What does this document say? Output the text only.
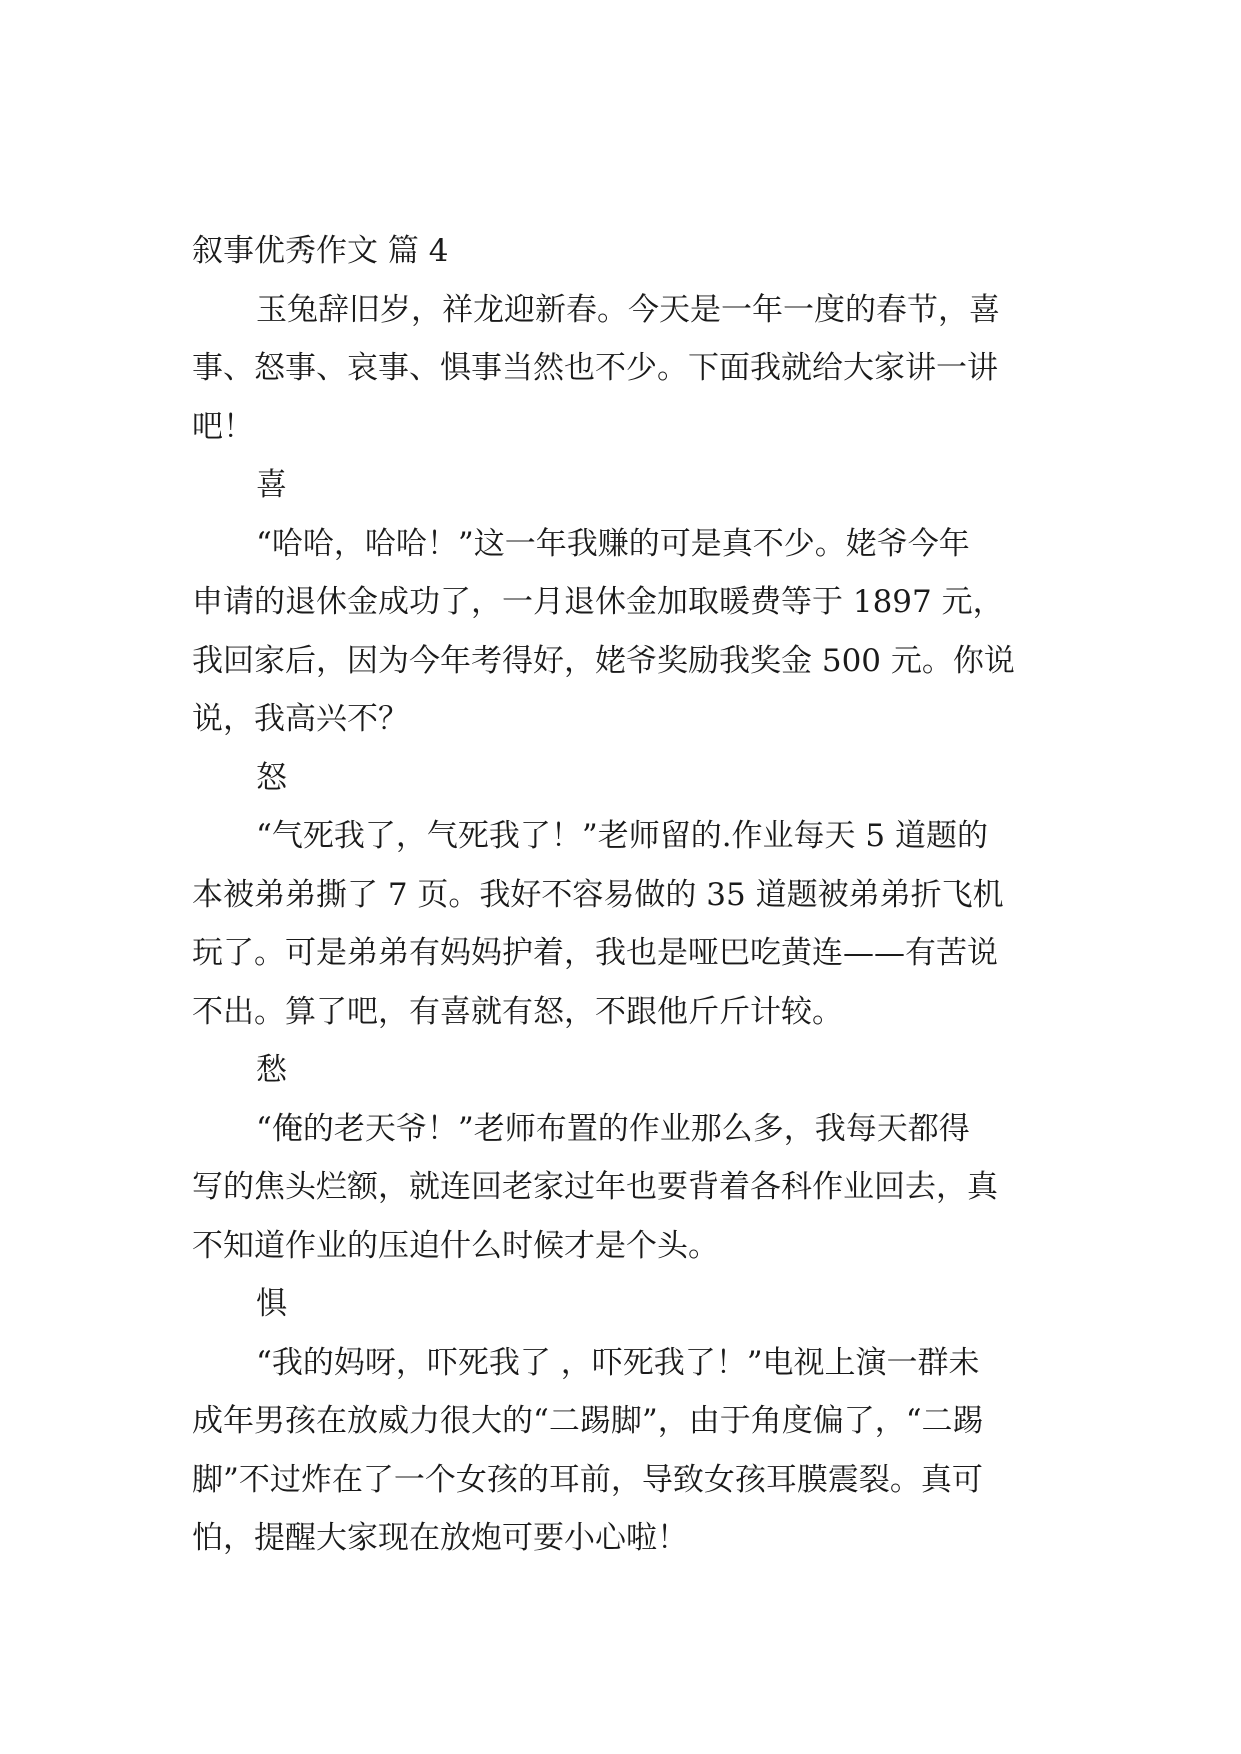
叙事优秀作文 篇 4

玉兔辞旧岁，祥龙迎新春。今天是一年一度的春节，喜

事、怒事、哀事、惧事当然也不少。下面我就给大家讲一讲

吧！

喜

“哈哈，哈哈！”这一年我赚的可是真不少。姥爷今年

申请的退休金成功了，一月退休金加取暖费等于 1897 元，

我回家后，因为今年考得好，姥爷奖励我奖金 500 元。你说

说，我高兴不？

怒

“气死我了，气死我了！”老师留的.作业每天 5 道题的

本被弟弟撕了 7 页。我好不容易做的 35 道题被弟弟折飞机

玩了。可是弟弟有妈妈护着，我也是哑巴吃黄连——有苦说

不出。算了吧，有喜就有怒，不跟他斤斤计较。

愁

“俺的老天爷！”老师布置的作业那么多，我每天都得

写的焦头烂额，就连回老家过年也要背着各科作业回去，真

不知道作业的压迫什么时候才是个头。

惧

“我的妈呀，吓死我了 ，吓死我了！”电视上演一群未

成年男孩在放威力很大的“二踢脚”，由于角度偏了，“二踢

脚”不过炸在了一个女孩的耳前，导致女孩耳膜震裂。真可

怕，提醒大家现在放炮可要小心啦！
